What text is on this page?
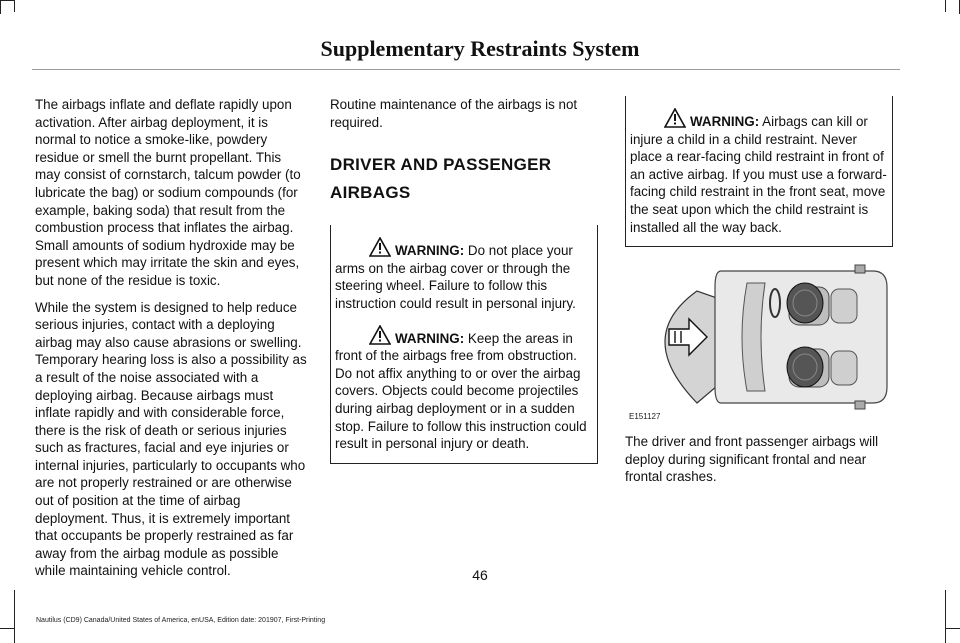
Supplementary Restraints System

The airbags inflate and deflate rapidly upon activation. After airbag deployment, it is normal to notice a smoke-like, powdery residue or smell the burnt propellant. This may consist of cornstarch, talcum powder (to lubricate the bag) or sodium compounds (for example, baking soda) that result from the combustion process that inflates the airbag. Small amounts of sodium hydroxide may be present which may irritate the skin and eyes, but none of the residue is toxic.

While the system is designed to help reduce serious injuries, contact with a deploying airbag may also cause abrasions or swelling. Temporary hearing loss is also a possibility as a result of the noise associated with a deploying airbag. Because airbags must inflate rapidly and with considerable force, there is the risk of death or serious injuries such as fractures, facial and eye injuries or internal injuries, particularly to occupants who are not properly restrained or are otherwise out of position at the time of airbag deployment. Thus, it is extremely important that occupants be properly restrained as far away from the airbag module as possible while maintaining vehicle control.

Routine maintenance of the airbags is not required.

DRIVER AND PASSENGER
AIRBAGS

WARNING: Do not place your arms on the airbag cover or through the steering wheel. Failure to follow this instruction could result in personal injury.

WARNING: Keep the areas in front of the airbags free from obstruction. Do not affix anything to or over the airbag covers. Objects could become projectiles during airbag deployment or in a sudden stop. Failure to follow this instruction could result in personal injury or death.

WARNING: Airbags can kill or injure a child in a child restraint. Never place a rear-facing child restraint in front of an active airbag. If you must use a forward-facing child restraint in the front seat, move the seat upon which the child restraint is installed all the way back.

E151127

The driver and front passenger airbags will deploy during significant frontal and near frontal crashes.

46
Nautilus (CD9) Canada/United States of America, enUSA, Edition date: 201907, First-Printing
